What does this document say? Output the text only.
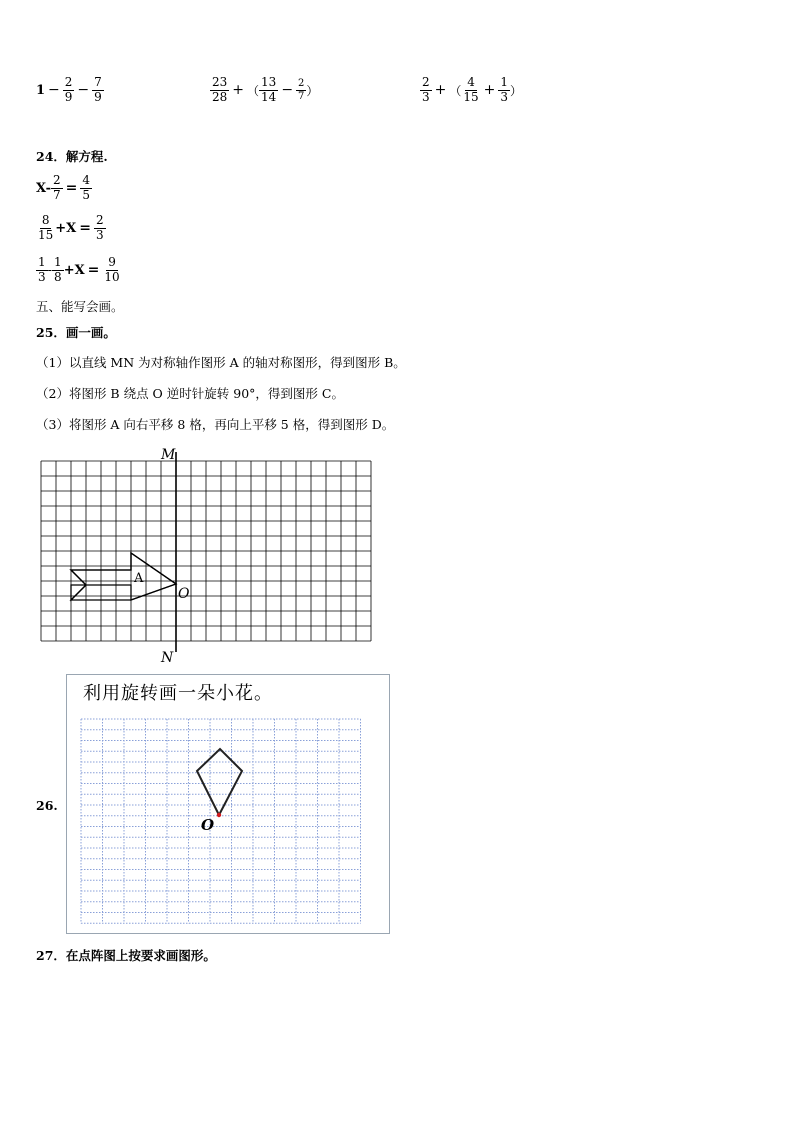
$1 - \frac{2}{9} - \frac{7}{9}$	$\frac{23}{28}$ + （ $\frac{13}{14} - \frac{2}{7}$ ）	$\frac{2}{3}$ + （ $\frac{4}{15} + \frac{1}{3}$ ）
24．解方程.
$X- \frac{2}{7} = \frac{4}{5}$
$\frac{8}{15} +X = \frac{2}{3}$
$\frac{1}{3} - \frac{1}{8} +X = \frac{9}{10}$
五、能写会画。
25．画一画。
（1）以直线 MN 为对称轴作图形 A 的轴对称图形，得到图形 B。
（2）将图形 B 绕点 O 逆时针旋转 90°，得到图形 C。
（3）将图形 A 向右平移 8 格，再向上平移 5 格，得到图形 D。
M
N
A
O
26.
利用旋转画一朵小花。
O
27．在点阵图上按要求画图形。
